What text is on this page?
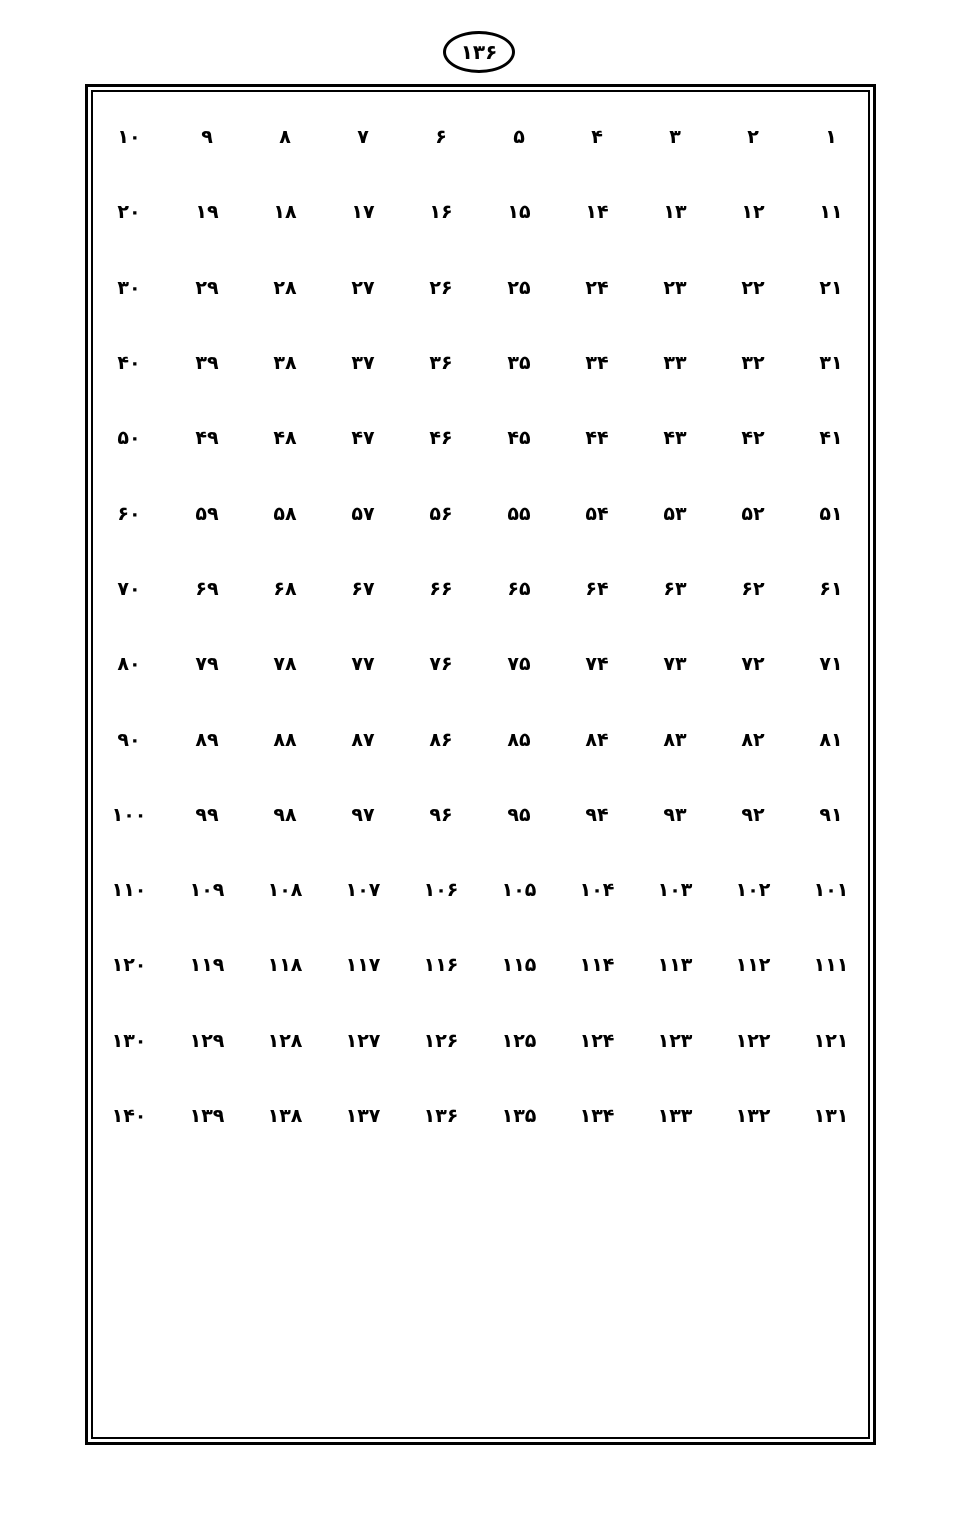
۱۳۶
۱
۲
۳
۴
۵
۶
۷
۸
۹
۱۰
۱۱
۱۲
۱۳
۱۴
۱۵
۱۶
۱۷
۱۸
۱۹
۲۰
۲۱
۲۲
۲۳
۲۴
۲۵
۲۶
۲۷
۲۸
۲۹
۳۰
۳۱
۳۲
۳۳
۳۴
۳۵
۳۶
۳۷
۳۸
۳۹
۴۰
۴۱
۴۲
۴۳
۴۴
۴۵
۴۶
۴۷
۴۸
۴۹
۵۰
۵۱
۵۲
۵۳
۵۴
۵۵
۵۶
۵۷
۵۸
۵۹
۶۰
۶۱
۶۲
۶۳
۶۴
۶۵
۶۶
۶۷
۶۸
۶۹
۷۰
۷۱
۷۲
۷۳
۷۴
۷۵
۷۶
۷۷
۷۸
۷۹
۸۰
۸۱
۸۲
۸۳
۸۴
۸۵
۸۶
۸۷
۸۸
۸۹
۹۰
۹۱
۹۲
۹۳
۹۴
۹۵
۹۶
۹۷
۹۸
۹۹
۱۰۰
۱۰۱
۱۰۲
۱۰۳
۱۰۴
۱۰۵
۱۰۶
۱۰۷
۱۰۸
۱۰۹
۱۱۰
۱۱۱
۱۱۲
۱۱۳
۱۱۴
۱۱۵
۱۱۶
۱۱۷
۱۱۸
۱۱۹
۱۲۰
۱۲۱
۱۲۲
۱۲۳
۱۲۴
۱۲۵
۱۲۶
۱۲۷
۱۲۸
۱۲۹
۱۳۰
۱۳۱
۱۳۲
۱۳۳
۱۳۴
۱۳۵
۱۳۶
۱۳۷
۱۳۸
۱۳۹
۱۴۰
